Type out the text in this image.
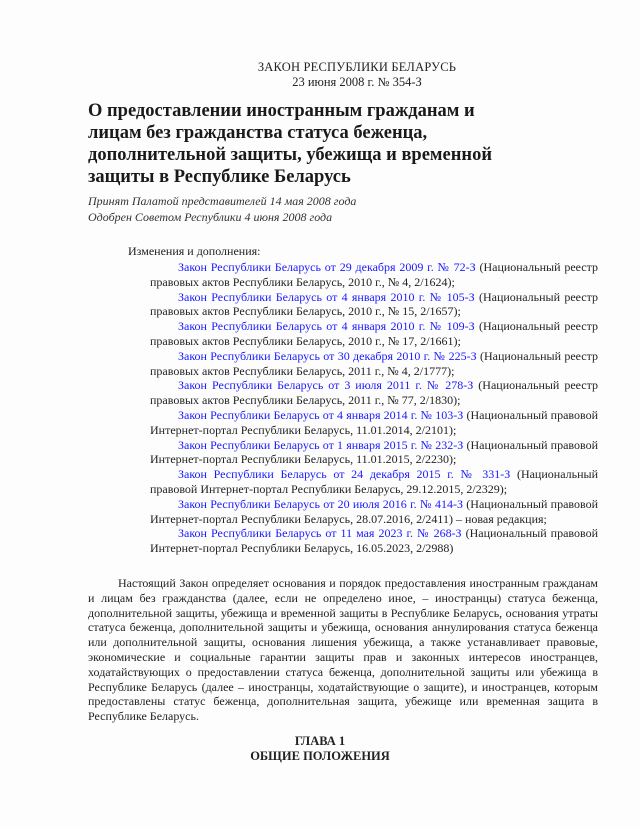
ЗАКОН РЕСПУБЛИКИ БЕЛАРУСЬ
23 июня 2008 г. № 354-З
О предоставлении иностранным гражданам и лицам без гражданства статуса беженца, дополнительной защиты, убежища и временной защиты в Республике Беларусь
Принят Палатой представителей 14 мая 2008 года
Одобрен Советом Республики 4 июня 2008 года
Изменения и дополнения:

Закон Республики Беларусь от 29 декабря 2009 г. № 72-З (Национальный реестр правовых актов Республики Беларусь, 2010 г., № 4, 2/1624);

Закон Республики Беларусь от 4 января 2010 г. № 105-З (Национальный реестр правовых актов Республики Беларусь, 2010 г., № 15, 2/1657);

Закон Республики Беларусь от 4 января 2010 г. № 109-З (Национальный реестр правовых актов Республики Беларусь, 2010 г., № 17, 2/1661);

Закон Республики Беларусь от 30 декабря 2010 г. № 225-З (Национальный реестр правовых актов Республики Беларусь, 2011 г., № 4, 2/1777);

Закон Республики Беларусь от 3 июля 2011 г. № 278-З (Национальный реестр правовых актов Республики Беларусь, 2011 г., № 77, 2/1830);

Закон Республики Беларусь от 4 января 2014 г. № 103-З (Национальный правовой Интернет-портал Республики Беларусь, 11.01.2014, 2/2101);

Закон Республики Беларусь от 1 января 2015 г. № 232-З (Национальный правовой Интернет-портал Республики Беларусь, 11.01.2015, 2/2230);

Закон Республики Беларусь от 24 декабря 2015 г. № 331-З (Национальный правовой Интернет-портал Республики Беларусь, 29.12.2015, 2/2329);

Закон Республики Беларусь от 20 июля 2016 г. № 414-З (Национальный правовой Интернет-портал Республики Беларусь, 28.07.2016, 2/2411) – новая редакция;

Закон Республики Беларусь от 11 мая 2023 г. № 268-З (Национальный правовой Интернет-портал Республики Беларусь, 16.05.2023, 2/2988)

Настоящий Закон определяет основания и порядок предоставления иностранным гражданам и лицам без гражданства (далее, если не определено иное, – иностранцы) статуса беженца, дополнительной защиты, убежища и временной защиты в Республике Беларусь, основания утраты статуса беженца, дополнительной защиты и убежища, основания аннулирования статуса беженца или дополнительной защиты, основания лишения убежища, а также устанавливает правовые, экономические и социальные гарантии защиты прав и законных интересов иностранцев, ходатайствующих о предоставлении статуса беженца, дополнительной защиты или убежища в Республике Беларусь (далее – иностранцы, ходатайствующие о защите), и иностранцев, которым предоставлены статус беженца, дополнительная защита, убежище или временная защита в Республике Беларусь.

ГЛАВА 1
ОБЩИЕ ПОЛОЖЕНИЯ
